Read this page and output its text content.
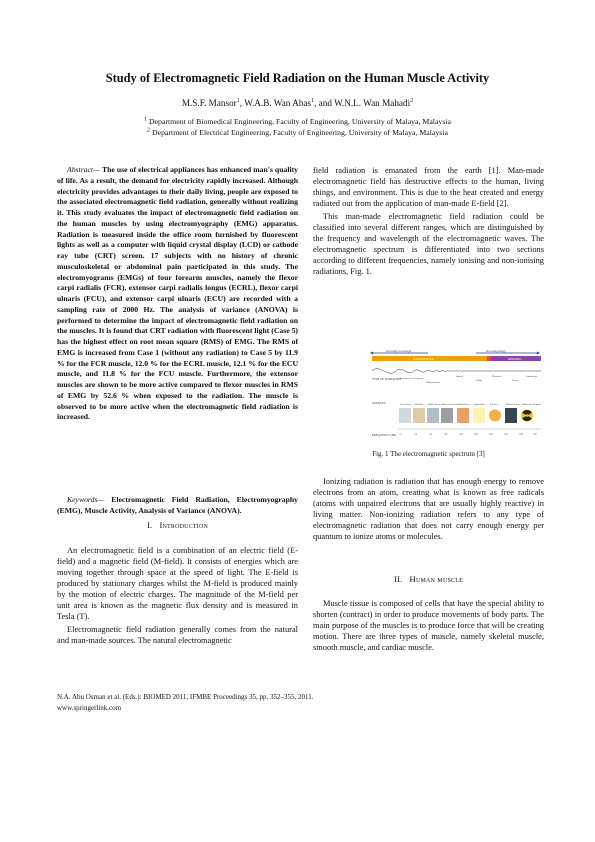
Study of Electromagnetic Field Radiation on the Human Muscle Activity
M.S.F. Mansor$^1$, W.A.B. Wan Abas$^1$, and W.N.L. Wan Mahadi$^2$
$^1$ Department of Biomedical Engineering, Faculty of Engineering, University of Malaya, Malaysia
$^2$ Department of Electrical Engineering, Faculty of Engineering, University of Malaya, Malaysia

Abstract— The use of electrical appliances has enhanced man's quality of life. As a result, the demand for electricity rapidly increased. Although electricity provides advantages to their daily living, people are exposed to the associated electromagnetic field radiation, generally without realizing it. This study evaluates the impact of electromagnetic field radiation on the human muscles by using electromyography (EMG) apparatus. Radiation is measured inside the office room furnished by fluorescent lights as well as a computer with liquid crystal display (LCD) or cathode ray tube (CRT) screen. 17 subjects with no history of chronic musculoskeletal or abdominal pain participated in this study. The electromyograms (EMGs) of four forearm muscles, namely the flexor carpi radialis (FCR), extensor carpi radialis longus (ECRL), flexor carpi ulnaris (FCU), and extensor carpi ulnaris (ECU) are recorded with a sampling rate of 2000 Hz. The analysis of variance (ANOVA) is performed to determine the impact of electromagnetic field radiation on the muscles. It is found that CRT radiation with fluorescent light (Case 5) has the highest effect on root mean square (RMS) of EMG. The RMS of EMG is increased from Case 1 (without any radiation) to Case 5 by 11.9 % for the FCR muscle, 12.0 % for the ECRL muscle, 12.1 % for the ECU muscle, and 11.8 % for the FCU muscle. Furthermore, the extensor muscles are shown to be more active compared to flexor muscles in RMS of EMG by 52.6 % when exposed to the radiation. The muscle is observed to be more active when the electromagnetic field radiation is increased.

Keywords— Electromagnetic Field Radiation, Electromyography (EMG), Muscle Activity, Analysis of Variance (ANOVA).

I. Introduction

An electromagnetic field is a combination of an electric field (E-field) and a magnetic field (M-field). It consists of energies which are moving together through space at the speed of light. The E-field is produced by stationary charges whilst the M-field is produced mainly by the motion of electric charges. The magnitude of the M-field per unit area is known as the magnetic flux density and is measured in Tesla (T).

Electromagnetic field radiation generally comes from the natural and man-made sources. The natural electromagnetic

field radiation is emanated from the earth [1]. Man-made electromagnetic field has destructive effects to the human, living things, and environment. This is due to the heat created and energy radiated out from the application of man-made E-field [2].

This man-made electromagnetic field radiation could be classified into several different ranges, which are distinguished by the frequency and wavelength of the electromagnetic waves. The electromagnetic spectrum is differentiated into two sections according to different frequencies, namely ionising and non-ionising radiations, Fig. 1.

increasing wavelength	increasing energy
NON-IONIZING	IONIZING
TYPE OF RADIATION
SOURCES
FREQUENCY (Hz)
Extremely Low Frequency
Radiofrequency
Infrared
Visible
Ultraviolet
X-rays
Gamma rays
Power Lines AM Radio	Mobile Phones Microwave Ovens Radiant Heat Light Bulbs	The Sun	Medical X-rays Radioactive Elements
10	10⁴	10⁶	10⁸	10¹⁰	10¹²	10¹⁴	10¹⁶	10¹⁸	10²⁰
Fig. 1 The electromagnetic spectrum [3]

Ionizing radiation is radiation that has enough energy to remove electrons from an atom, creating what is known as free radicals (atoms with unpaired electrons that are usually highly reactive) in living matter. Non-ionizing radiation refers to any type of electromagnetic radiation that does not carry enough energy per quantum to ionize atoms or molecules.

II. Human muscle

Muscle tissue is composed of cells that have the special ability to shorten (contract) in order to produce movements of body parts. The main purpose of the muscles is to produce force that will be creating motion. There are three types of muscle, namely skeletal muscle, smooth muscle, and cardiac muscle.

N.A. Abu Osman et al. (Eds.): BIOMED 2011, IFMBE Proceedings 35, pp. 352–355, 2011.
www.springerlink.com
